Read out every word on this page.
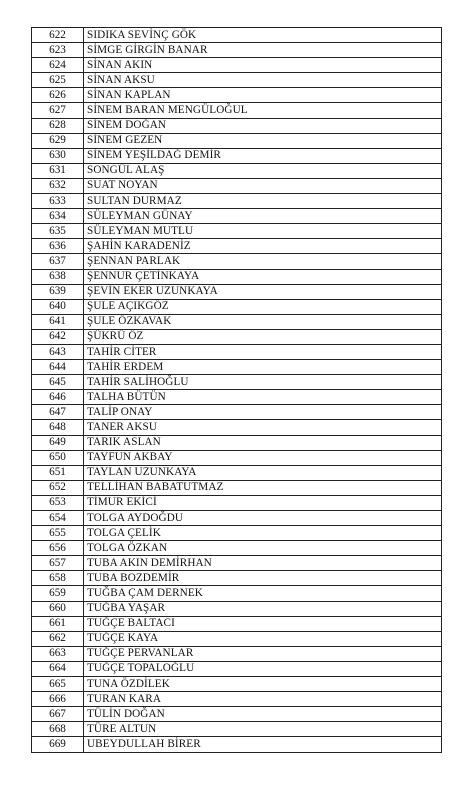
622	SIDIKA SEVİNÇ GÖK
623	SİMGE GİRGİN BANAR
624	SİNAN AKIN
625	SİNAN AKSU
626	SİNAN KAPLAN
627	SİNEM BARAN MENGÜLOĞUL
628	SİNEM DOĞAN
629	SİNEM GEZEN
630	SİNEM YEŞİLDAĞ DEMİR
631	SONGÜL ALAŞ
632	SUAT NOYAN
633	SULTAN DURMAZ
634	SÜLEYMAN GÜNAY
635	SÜLEYMAN MUTLU
636	ŞAHİN KARADENİZ
637	ŞENNAN PARLAK
638	ŞENNUR ÇETİNKAYA
639	ŞEVİN EKER UZUNKAYA
640	ŞULE AÇIKGÖZ
641	ŞULE ÖZKAVAK
642	ŞÜKRÜ ÖZ
643	TAHİR CİTER
644	TAHİR ERDEM
645	TAHİR SALİHOĞLU
646	TALHA BÜTÜN
647	TALİP ONAY
648	TANER AKSU
649	TARIK ASLAN
650	TAYFUN AKBAY
651	TAYLAN UZUNKAYA
652	TELLİHAN BABATUTMAZ
653	TİMUR EKİCİ
654	TOLGA AYDOĞDU
655	TOLGA ÇELİK
656	TOLGA ÖZKAN
657	TUBA AKIN DEMİRHAN
658	TUBA BOZDEMİR
659	TUĞBA ÇAM DERNEK
660	TUĞBA YAŞAR
661	TUĞÇE BALTACI
662	TUĞÇE KAYA
663	TUĞÇE PERVANLAR
664	TUĞÇE TOPALOĞLU
665	TUNA ÖZDİLEK
666	TURAN KARA
667	TÜLİN DOĞAN
668	TÜRE ALTUN
669	UBEYDULLAH BİRER
